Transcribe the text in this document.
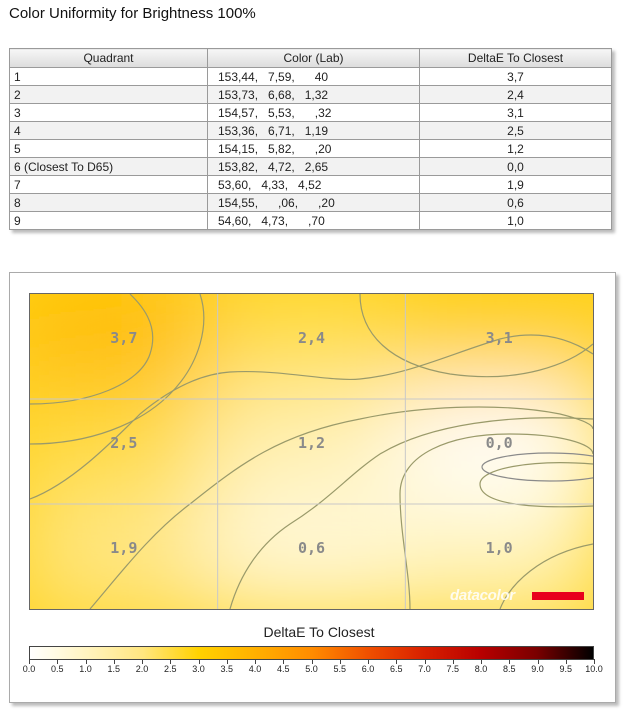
Color Uniformity for Brightness 100%
Quadrant	Color (Lab)	DeltaE To Closest
1	153,44,   7,59,      40	3,7
2	153,73,   6,68,   1,32	2,4
3	154,57,   5,53,      ,32	3,1
4	153,36,   6,71,   1,19	2,5
5	154,15,   5,82,      ,20	1,2
6 (Closest To D65)	153,82,   4,72,   2,65	0,0
7	53,60,   4,33,   4,52	1,9
8	154,55,      ,06,      ,20	0,6
9	54,60,   4,73,      ,70	1,0
3,7	2,4	3,1
2,5	1,2	0,0
1,9	0,6	1,0
datacolor
DeltaE To Closest
0.0 0.5 1.0 1.5 2.0 2.5 3.0 3.5 4.0 4.5 5.0 5.5 6.0 6.5 7.0 7.5 8.0 8.5 9.0 9.5 10.0
